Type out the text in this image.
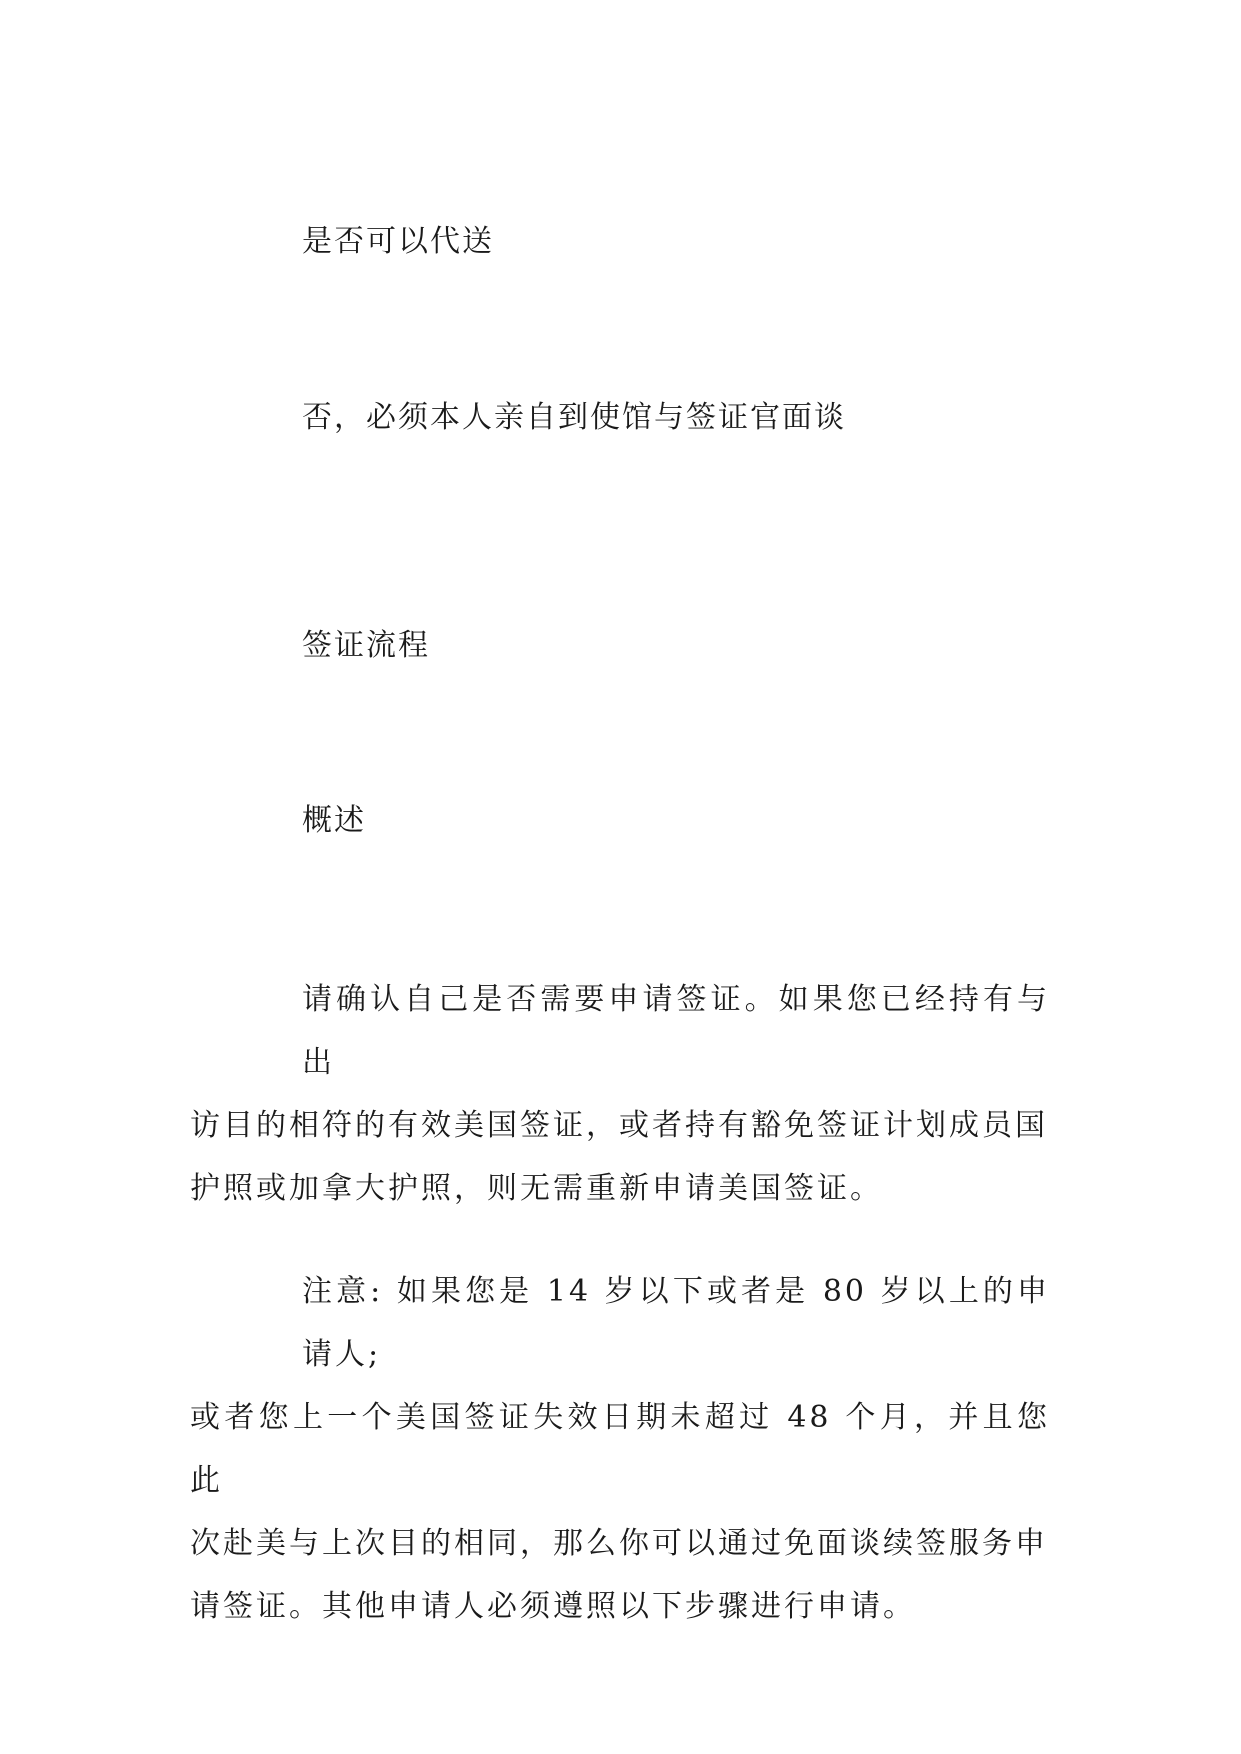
是否可以代送
否，必须本人亲自到使馆与签证官面谈
签证流程
概述
请确认自己是否需要申请签证。如果您已经持有与出
访目的相符的有效美国签证，或者持有豁免签证计划成员国
护照或加拿大护照，则无需重新申请美国签证。
注意: 如果您是 14 岁以下或者是 80 岁以上的申请人;
或者您上一个美国签证失效日期未超过 48 个月，并且您此
次赴美与上次目的相同，那么你可以通过免面谈续签服务申
请签证。其他申请人必须遵照以下步骤进行申请。
